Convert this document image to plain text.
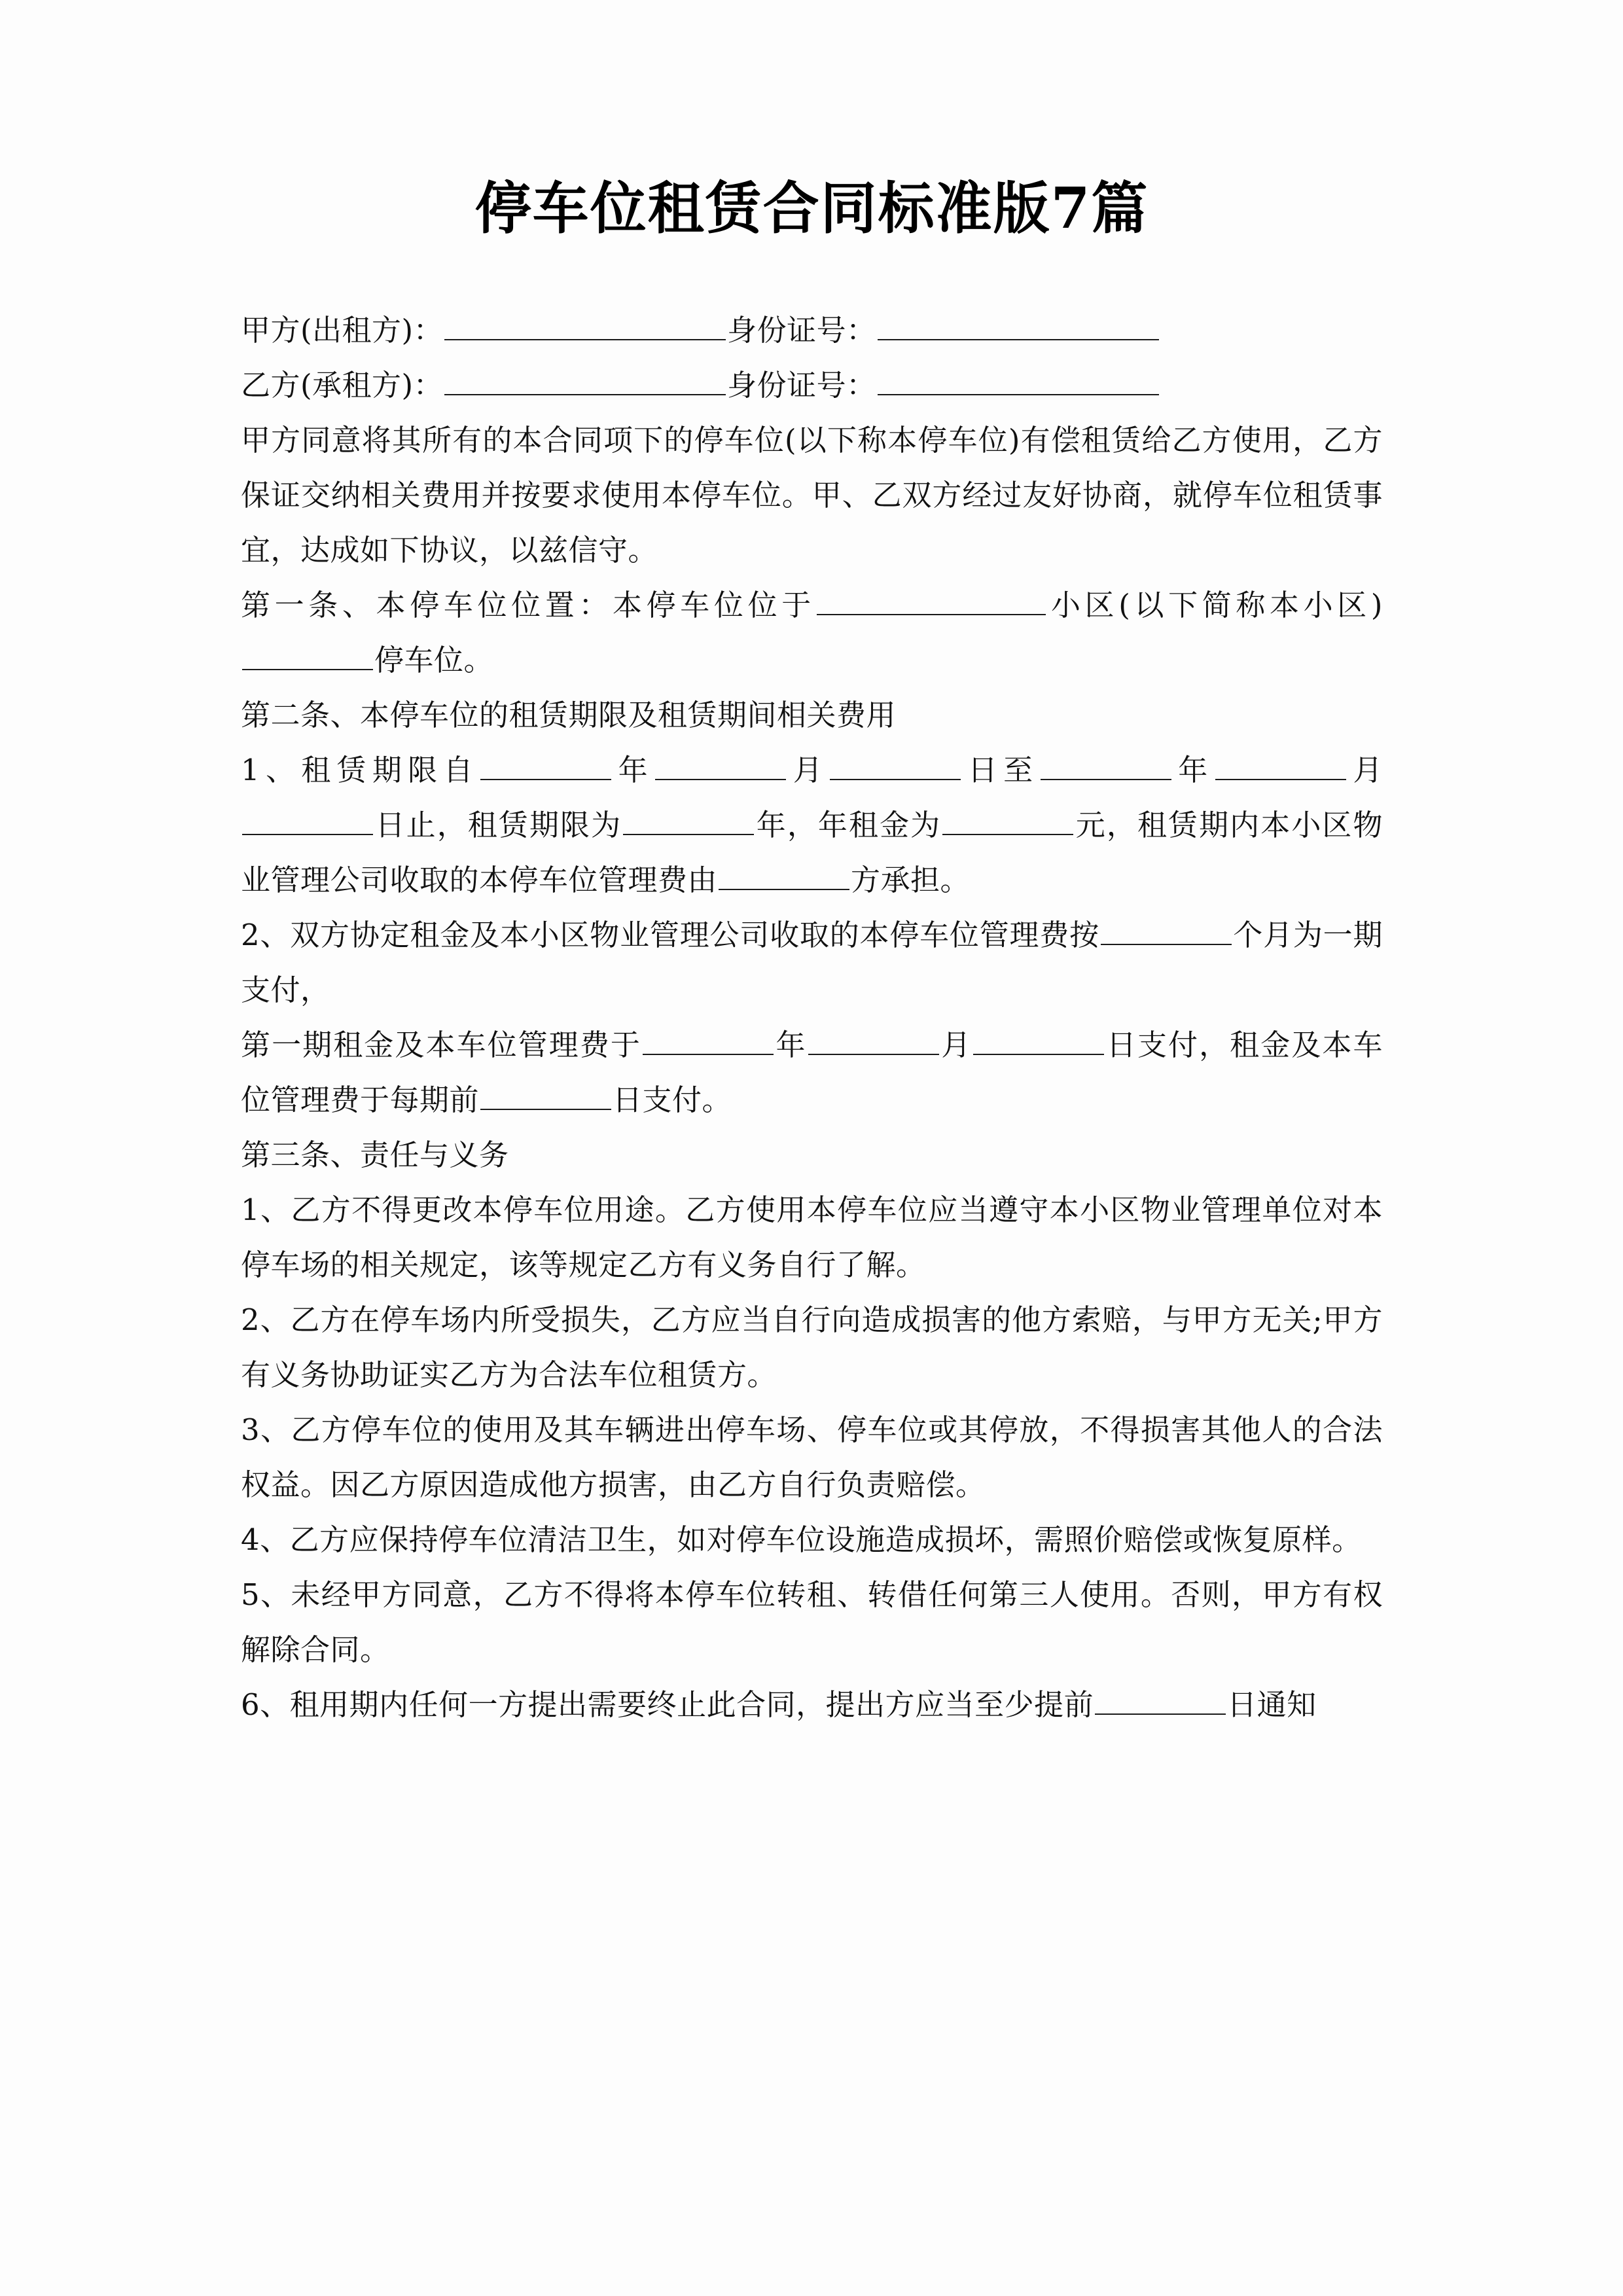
停车位租赁合同标准版7篇

甲方(出租方)：	身份证号：

乙方(承租方)：	身份证号：

甲方同意将其所有的本合同项下的停车位(以下称本停车位)有偿租赁给乙方使用，乙方保证交纳相关费用并按要求使用本停车位。甲、乙双方经过友好协商，就停车位租赁事宜，达成如下协议，以兹信守。

第一条、本停车位位置：本停车位位于	小区(以下简称本小区)停车位。

第二条、本停车位的租赁期限及租赁期间相关费用

1、租赁期限自	年	月	日至	年	月日止，租赁期限为	年，年租金为	元，租赁期内本小区物业管理公司收取的本停车位管理费由	方承担。

2、双方协定租金及本小区物业管理公司收取的本停车位管理费按	个月为一期支付，

第一期租金及本车位管理费于	年	月	日支付，租金及本车位管理费于每期前	日支付。

第三条、责任与义务

1、乙方不得更改本停车位用途。乙方使用本停车位应当遵守本小区物业管理单位对本停车场的相关规定，该等规定乙方有义务自行了解。

2、乙方在停车场内所受损失，乙方应当自行向造成损害的他方索赔，与甲方无关;甲方有义务协助证实乙方为合法车位租赁方。

3、乙方停车位的使用及其车辆进出停车场、停车位或其停放，不得损害其他人的合法权益。因乙方原因造成他方损害，由乙方自行负责赔偿。

4、乙方应保持停车位清洁卫生，如对停车位设施造成损坏，需照价赔偿或恢复原样。

5、未经甲方同意，乙方不得将本停车位转租、转借任何第三人使用。否则，甲方有权解除合同。

6、租用期内任何一方提出需要终止此合同，提出方应当至少提前	日通知
